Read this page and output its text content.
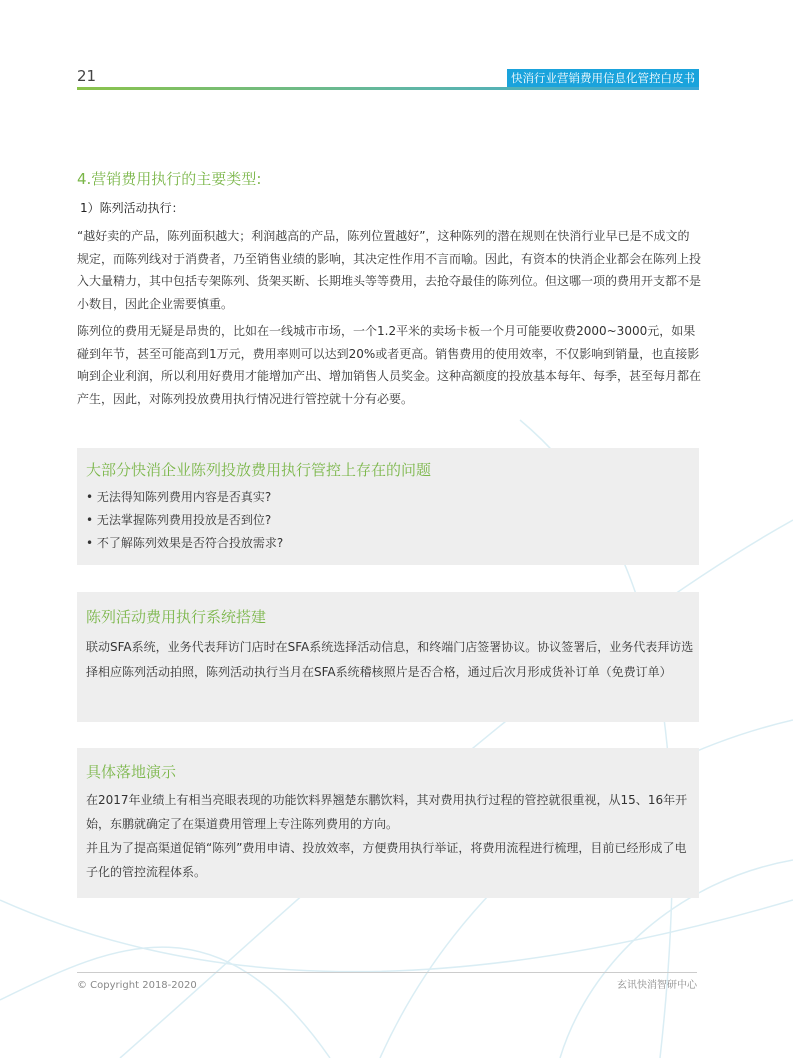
21	快消行业营销费用信息化管控白皮书
4.营销费用执行的主要类型:
1）陈列活动执行：

“越好卖的产品，陈列面积越大；利润越高的产品，陈列位置越好”，这种陈列的潜在规则在快消行业早已是不成文的规定，而陈列线对于消费者，乃至销售业绩的影响，其决定性作用不言而喻。因此，有资本的快消企业都会在陈列上投入大量精力，其中包括专架陈列、货架买断、长期堆头等等费用，去抢夺最佳的陈列位。但这哪一项的费用开支都不是小数目，因此企业需要慎重。

陈列位的费用无疑是昂贵的，比如在一线城市市场，一个1.2平米的卖场卡板一个月可能要收费2000~3000元，如果碰到年节，甚至可能高到1万元，费用率则可以达到20%或者更高。销售费用的使用效率，不仅影响到销量，也直接影响到企业利润，所以利用好费用才能增加产出、增加销售人员奖金。这种高额度的投放基本每年、每季，甚至每月都在产生，因此，对陈列投放费用执行情况进行管控就十分有必要。

大部分快消企业陈列投放费用执行管控上存在的问题
• 无法得知陈列费用内容是否真实?
• 无法掌握陈列费用投放是否到位?
• 不了解陈列效果是否符合投放需求?
陈列活动费用执行系统搭建

联动SFA系统，业务代表拜访门店时在SFA系统选择活动信息，和终端门店签署协议。协议签署后，业务代表拜访选择相应陈列活动拍照，陈列活动执行当月在SFA系统稽核照片是否合格，通过后次月形成货补订单（免费订单）

具体落地演示

在2017年业绩上有相当亮眼表现的功能饮料界翘楚东鹏饮料，其对费用执行过程的管控就很重视，从15、16年开始，东鹏就确定了在渠道费用管理上专注陈列费用的方向。

并且为了提高渠道促销“陈列”费用申请、投放效率，方便费用执行举证，将费用流程进行梳理，目前已经形成了电子化的管控流程体系。

© Copyright 2018-2020	玄讯快消智研中心
